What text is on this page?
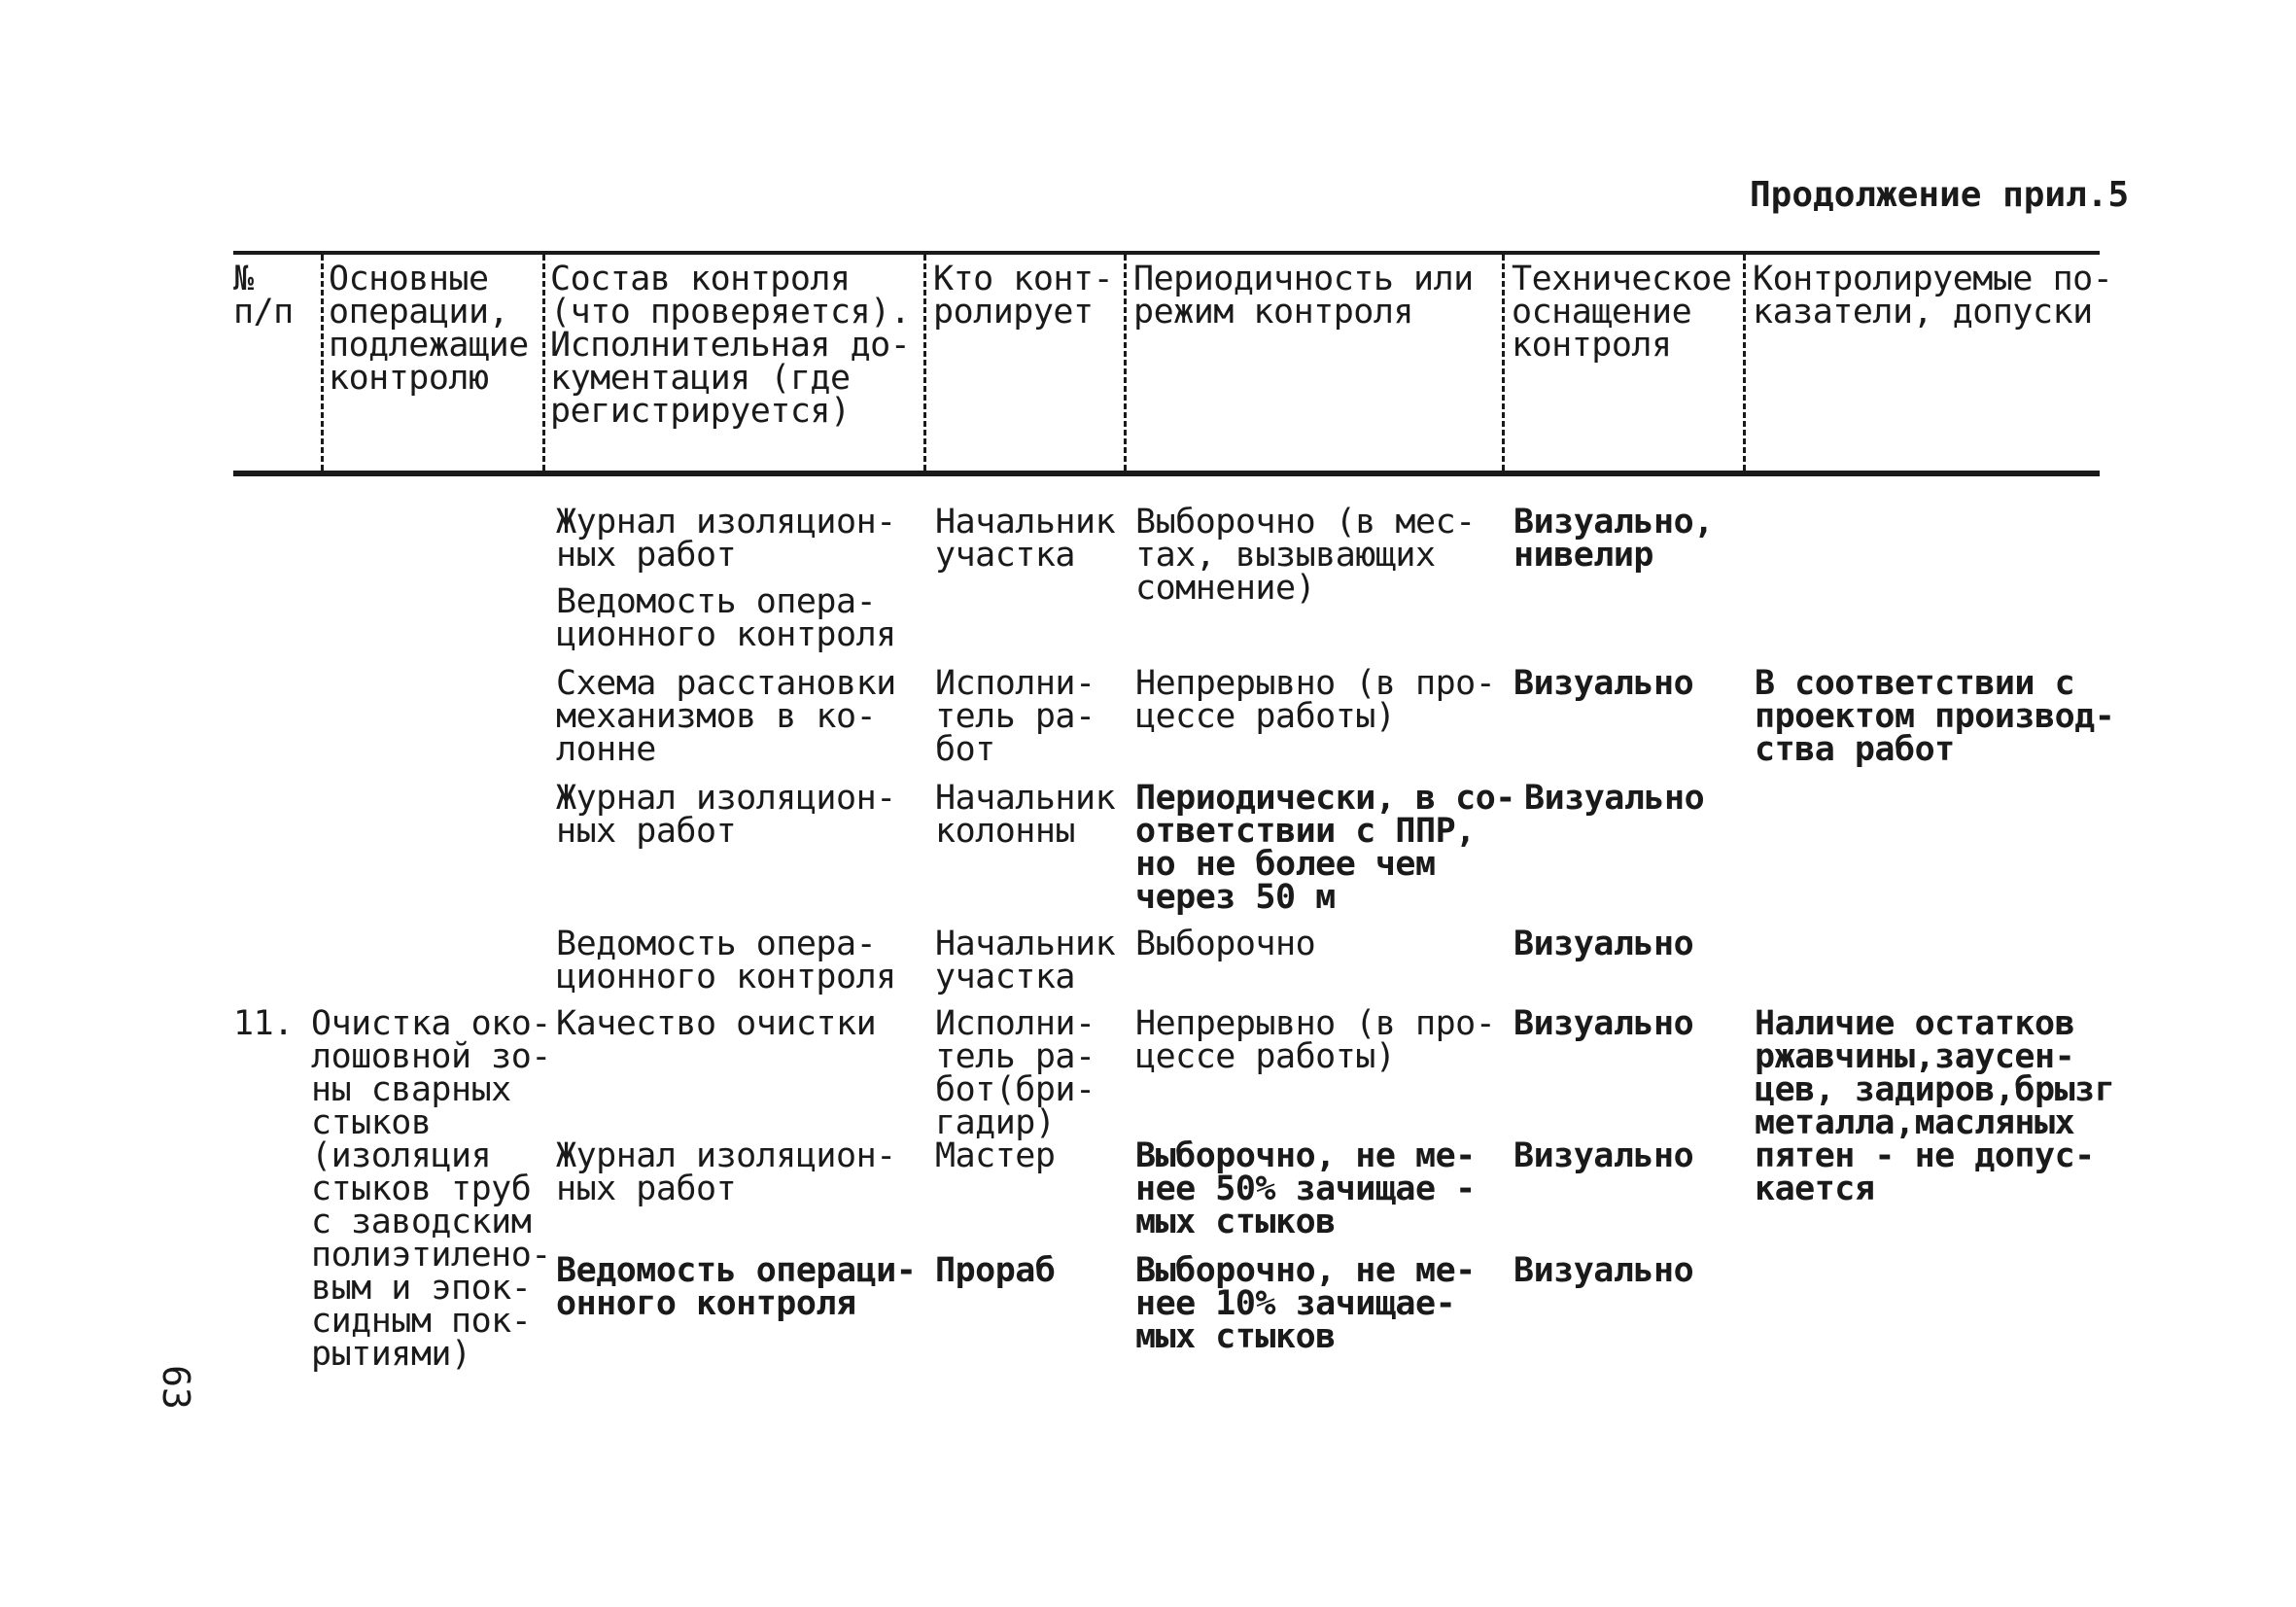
Продолжение прил.5
№
п/п
Основные
операции,
подлежащие
контролю
Состав контроля
(что проверяется).
Исполнительная до-
кументация (где
регистрируется)
Кто конт-
ролирует
Периодичность или
режим контроля
Техническое
оснащение
контроля
Контролируемые по-
казатели, допуски
Журнал изоляцион-
ных работ
Начальник
участка
Выборочно (в мес-
тах, вызывающих
сомнение)
Визуально,
нивелир
Ведомость опера-
ционного контроля
Схема расстановки
механизмов в ко-
лонне
Исполни-
тель ра-
бот
Непрерывно (в про-
цессе работы)
Визуально В соответствии с
проектом производ-
ства работ
Журнал изоляцион-
ных работ
Начальник
колонны
Периодически, в со-
ответствии с ППР,
но не более чем
через 50 м
Визуально
Ведомость опера-
ционного контроля
Начальник
участка
Выборочно	Визуально
11. Очистка око-
лошовной зо-
ны сварных
стыков
(изоляция
стыков труб
с заводским
полиэтилено-
вым и эпок-
сидным пок-
рытиями)
Качество очистки Исполни-
тель ра-
бот(бри-
гадир)
Непрерывно (в про-
цессе работы)
Визуально Наличие остатков
ржавчины,заусен-
цев, задиров,брызг
металла,масляных
пятен - не допус-
кается
Журнал изоляцион-
ных работ
Мастер Выборочно, не ме-
нее 50% зачищае -
мых стыков
Визуально
Ведомость операци-
онного контроля
Прораб Выборочно, не ме-
нее 10% зачищае-
мых стыков
Визуально
63
